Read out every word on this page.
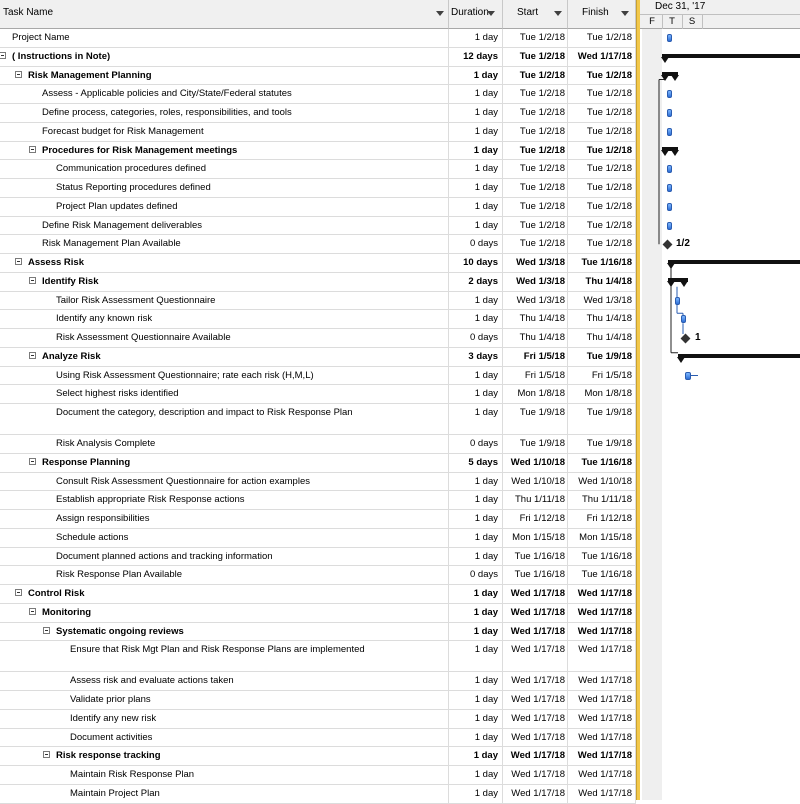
Task Name	Duration	Start	Finish
Project Name	1 day	Tue 1/2/18	Tue 1/2/18
( Instructions in Note)	12 days	Tue 1/2/18	Wed 1/17/18
Risk Management Planning	1 day	Tue 1/2/18	Tue 1/2/18
Assess - Applicable policies and City/State/Federal statutes	1 day	Tue 1/2/18	Tue 1/2/18
Define process, categories, roles, responsibilities, and tools	1 day	Tue 1/2/18	Tue 1/2/18
Forecast budget for Risk Management	1 day	Tue 1/2/18	Tue 1/2/18
Procedures for Risk Management meetings	1 day	Tue 1/2/18	Tue 1/2/18
Communication procedures defined	1 day	Tue 1/2/18	Tue 1/2/18
Status Reporting procedures defined	1 day	Tue 1/2/18	Tue 1/2/18
Project Plan updates defined	1 day	Tue 1/2/18	Tue 1/2/18
Define Risk Management deliverables	1 day	Tue 1/2/18	Tue 1/2/18
Risk Management Plan Available	0 days	Tue 1/2/18	Tue 1/2/18
Assess Risk	10 days	Wed 1/3/18	Tue 1/16/18
Identify Risk	2 days	Wed 1/3/18	Thu 1/4/18
Tailor Risk Assessment Questionnaire	1 day	Wed 1/3/18	Wed 1/3/18
Identify any known risk	1 day	Thu 1/4/18	Thu 1/4/18
Risk Assessment Questionnaire Available	0 days	Thu 1/4/18	Thu 1/4/18
Analyze Risk	3 days	Fri 1/5/18	Tue 1/9/18
Using Risk Assessment Questionnaire; rate each risk (H,M,L)	1 day	Fri 1/5/18	Fri 1/5/18
Select highest risks identified	1 day	Mon 1/8/18	Mon 1/8/18
Document the category, description and impact to Risk Response Plan	1 day	Tue 1/9/18	Tue 1/9/18
Risk Analysis Complete	0 days	Tue 1/9/18	Tue 1/9/18
Response Planning	5 days	Wed 1/10/18	Tue 1/16/18
Consult Risk Assessment Questionnaire for action examples	1 day	Wed 1/10/18	Wed 1/10/18
Establish appropriate Risk Response actions	1 day	Thu 1/11/18	Thu 1/11/18
Assign responsibilities	1 day	Fri 1/12/18	Fri 1/12/18
Schedule actions	1 day	Mon 1/15/18	Mon 1/15/18
Document planned actions and tracking information	1 day	Tue 1/16/18	Tue 1/16/18
Risk Response Plan Available	0 days	Tue 1/16/18	Tue 1/16/18
Control Risk	1 day	Wed 1/17/18	Wed 1/17/18
Monitoring	1 day	Wed 1/17/18	Wed 1/17/18
Systematic ongoing reviews	1 day	Wed 1/17/18	Wed 1/17/18
Ensure that Risk Mgt Plan and Risk Response Plans are implemented	1 day	Wed 1/17/18	Wed 1/17/18
Assess risk and evaluate actions taken	1 day	Wed 1/17/18	Wed 1/17/18
Validate prior plans	1 day	Wed 1/17/18	Wed 1/17/18
Identify any new risk	1 day	Wed 1/17/18	Wed 1/17/18
Document activities	1 day	Wed 1/17/18	Wed 1/17/18
Risk response tracking	1 day	Wed 1/17/18	Wed 1/17/18
Maintain Risk Response Plan	1 day	Wed 1/17/18	Wed 1/17/18
Maintain Project Plan	1 day	Wed 1/17/18	Wed 1/17/18
Dec 31, '17
F	T	S
1/2
1
